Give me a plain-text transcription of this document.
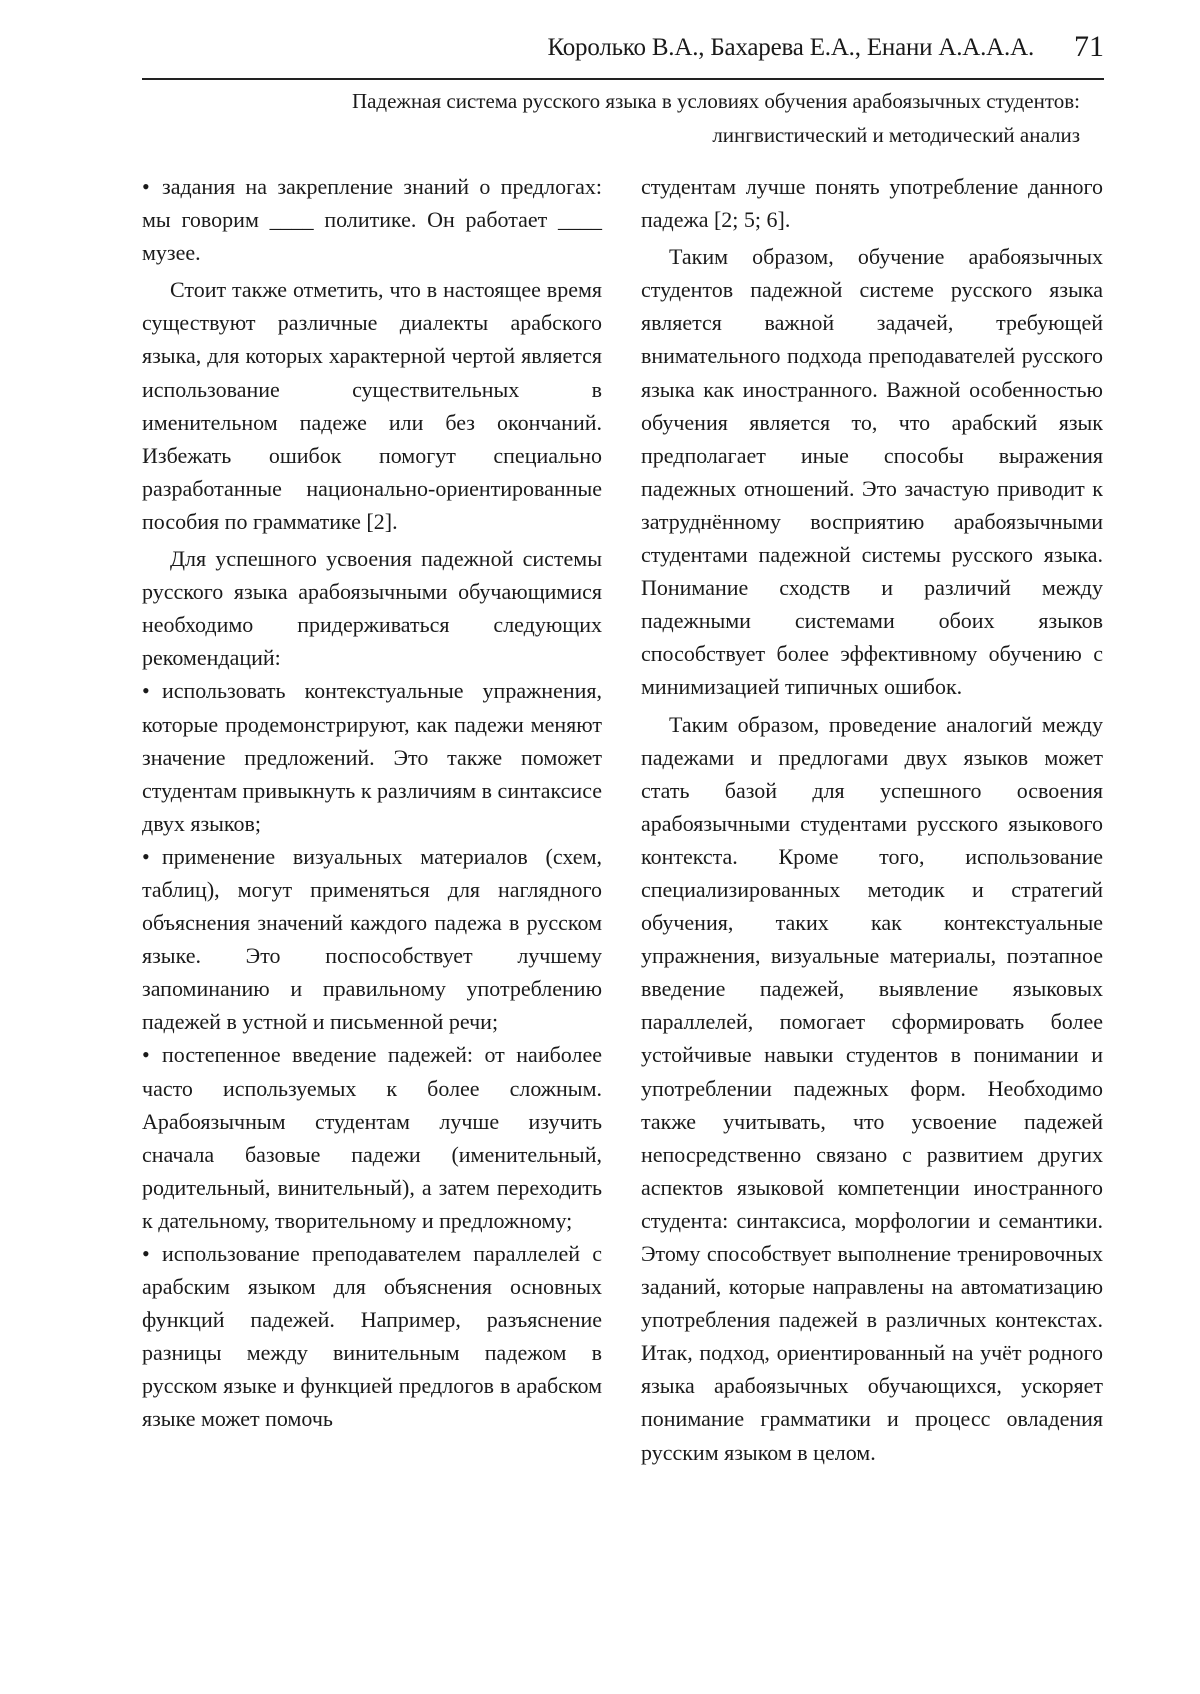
Королько В.А., Бахарева Е.А., Енани А.А.А.А. 71
Падежная система русского языка в условиях обучения арабоязычных студентов:
лингвистический и методический анализ

• задания на закрепление знаний о предлогах: мы говорим ____ политике. Он работает ____ музее.

Стоит также отметить, что в настоящее время существуют различные диалекты арабского языка, для которых характерной чертой является использование существительных в именительном падеже или без окончаний. Избежать ошибок помогут специально разработанные национально-ориентированные пособия по грамматике [2].

Для успешного усвоения падежной системы русского языка арабоязычными обучающимися необходимо придерживаться следующих рекомендаций:

• использовать контекстуальные упражнения, которые продемонстрируют, как падежи меняют значение предложений. Это также поможет студентам привыкнуть к различиям в синтаксисе двух языков;

• применение визуальных материалов (схем, таблиц), могут применяться для наглядного объяснения значений каждого падежа в русском языке. Это поспособствует лучшему запоминанию и правильному употреблению падежей в устной и письменной речи;

• постепенное введение падежей: от наиболее часто используемых к более сложным. Арабоязычным студентам лучше изучить сначала базовые падежи (именительный, родительный, винительный), а затем переходить к дательному, творительному и предложному;

• использование преподавателем параллелей с арабским языком для объяснения основных функций падежей. Например, разъяснение разницы между винительным падежом в русском языке и функцией предлогов в арабском языке может помочь

студентам лучше понять употребление данного падежа [2; 5; 6].

Таким образом, обучение арабоязычных студентов падежной системе русского языка является важной задачей, требующей внимательного подхода преподавателей русского языка как иностранного. Важной особенностью обучения является то, что арабский язык предполагает иные способы выражения падежных отношений. Это зачастую приводит к затруднённому восприятию арабоязычными студентами падежной системы русского языка. Понимание сходств и различий между падежными системами обоих языков способствует более эффективному обучению с минимизацией типичных ошибок.

Таким образом, проведение аналогий между падежами и предлогами двух языков может стать базой для успешного освоения арабоязычными студентами русского языкового контекста. Кроме того, использование специализированных методик и стратегий обучения, таких как контекстуальные упражнения, визуальные материалы, поэтапное введение падежей, выявление языковых параллелей, помогает сформировать более устойчивые навыки студентов в понимании и употреблении падежных форм. Необходимо также учитывать, что усвоение падежей непосредственно связано с развитием других аспектов языковой компетенции иностранного студента: синтаксиса, морфологии и семантики. Этому способствует выполнение тренировочных заданий, которые направлены на автоматизацию употребления падежей в различных контекстах. Итак, подход, ориентированный на учёт родного языка арабоязычных обучающихся, ускоряет понимание грамматики и процесс овладения русским языком в целом.
